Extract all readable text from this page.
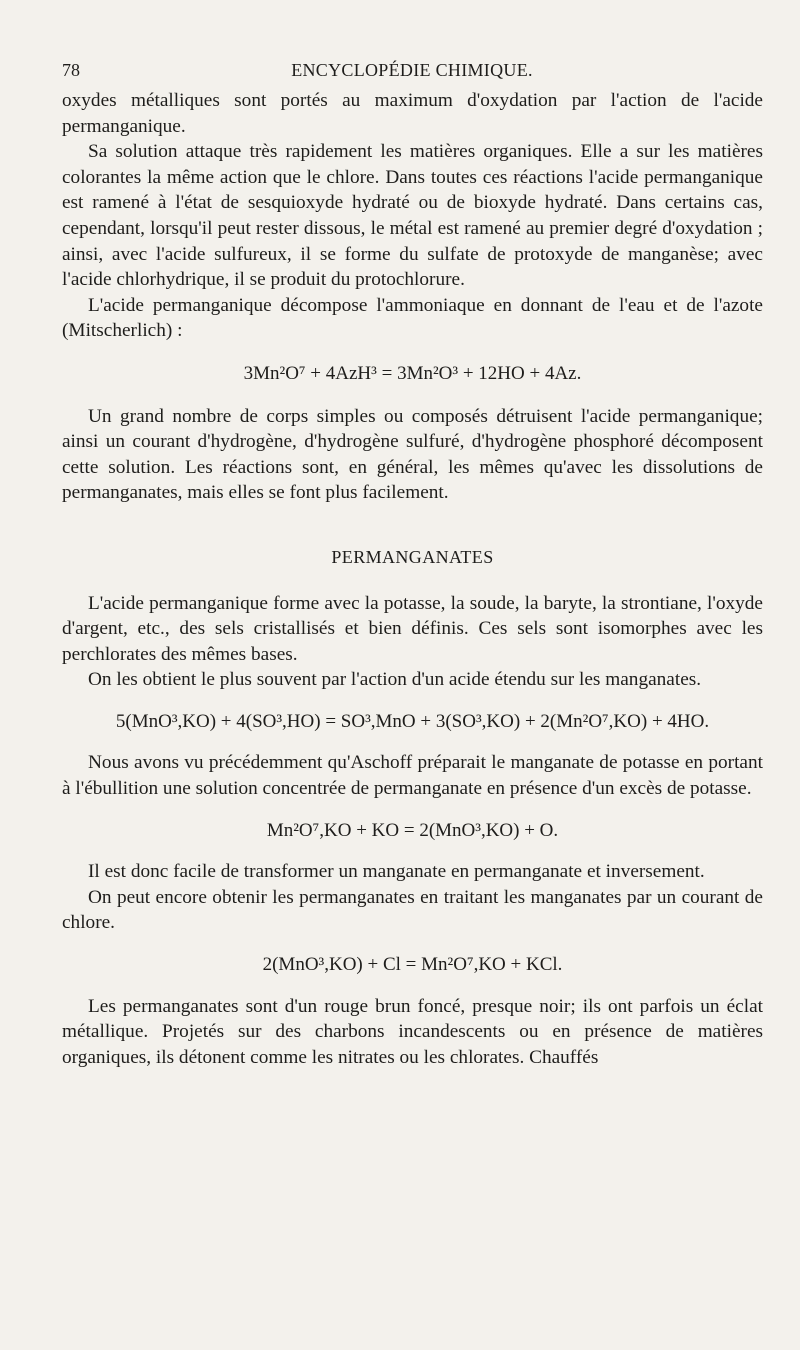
78	ENCYCLOPÉDIE CHIMIQUE.

oxydes métalliques sont portés au maximum d'oxydation par l'action de l'acide permanganique.

Sa solution attaque très rapidement les matières organiques. Elle a sur les matières colorantes la même action que le chlore. Dans toutes ces réactions l'acide permanganique est ramené à l'état de sesquioxyde hydraté ou de bioxyde hydraté. Dans certains cas, cependant, lorsqu'il peut rester dissous, le métal est ramené au premier degré d'oxydation ; ainsi, avec l'acide sulfureux, il se forme du sulfate de protoxyde de manganèse; avec l'acide chlorhydrique, il se produit du protochlorure.

L'acide permanganique décompose l'ammoniaque en donnant de l'eau et de l'azote (Mitscherlich) :

3Mn²O⁷ + 4AzH³ = 3Mn²O³ + 12HO + 4Az.

Un grand nombre de corps simples ou composés détruisent l'acide permanganique; ainsi un courant d'hydrogène, d'hydrogène sulfuré, d'hydrogène phosphoré décomposent cette solution. Les réactions sont, en général, les mêmes qu'avec les dissolutions de permanganates, mais elles se font plus facilement.

PERMANGANATES

L'acide permanganique forme avec la potasse, la soude, la baryte, la strontiane, l'oxyde d'argent, etc., des sels cristallisés et bien définis. Ces sels sont isomorphes avec les perchlorates des mêmes bases.

On les obtient le plus souvent par l'action d'un acide étendu sur les manganates.

5(MnO³,KO) + 4(SO³,HO) = SO³,MnO + 3(SO³,KO) + 2(Mn²O⁷,KO) + 4HO.

Nous avons vu précédemment qu'Aschoff préparait le manganate de potasse en portant à l'ébullition une solution concentrée de permanganate en présence d'un excès de potasse.

Mn²O⁷,KO + KO = 2(MnO³,KO) + O.

Il est donc facile de transformer un manganate en permanganate et inversement.

On peut encore obtenir les permanganates en traitant les manganates par un courant de chlore.

2(MnO³,KO) + Cl = Mn²O⁷,KO + KCl.

Les permanganates sont d'un rouge brun foncé, presque noir; ils ont parfois un éclat métallique. Projetés sur des charbons incandescents ou en présence de matières organiques, ils détonent comme les nitrates ou les chlorates. Chauffés
